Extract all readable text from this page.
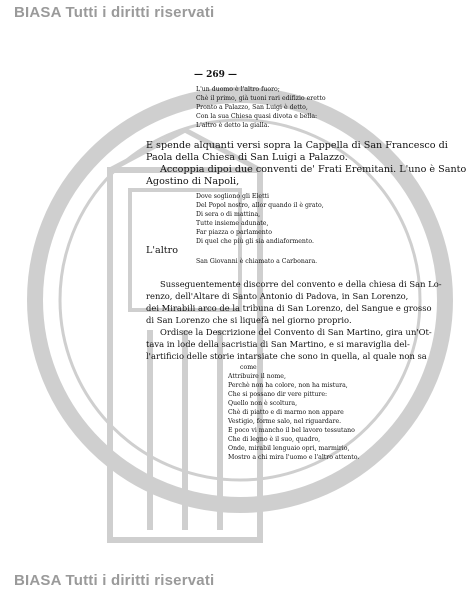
BIASA Tutti i diritti riservati
— 269 —
L'un duomo è l'altro fuoro;
Chè il primo, già tuoni rari edifizio eretto
Pronto a Palazzo, San Luigi è detto,
Con la sua Chiesa quasi divota e bella:
L'altro è detto la gialla.
E spende alquanti versi sopra la Cappella di San Francesco di
Paola della Chiesa di San Luigi a Palazzo.
Accoppia dipoi due conventi de' Frati Eremitani. L'uno è Santo
Agostino di Napoli,
Dove sogliono gli Eletti
Del Popol nostro, allor quando il è grato,
Di sera o di mattina,
Tutte insieme adunate,
Far piazza o parlamento
Di quel che più gli sia andiaformento.
L'altro
San Giovanni è chiamato a Carbonara.
Susseguentemente discorre del convento e della chiesa di San Lo-
renzo, dell'Altare di Santo Antonio di Padova, in San Lorenzo,
dei Mirabili arco de la tribuna di San Lorenzo, del Sangue e grosso
di San Lorenzo che si liquefà nel giorno proprio.
Ordisce la Descrizione del Convento di San Martino, gira un'Ot-
tava in lode della sacristia di San Martino, e si maraviglia del-
l'artificio delle storie intarsiate che sono in quella, al quale non sa
come
Attribuire il nome,
Perchè non ha colore, non ha mistura,
Che si possano dir vere pitture:
Quello non è scoltura,
Chè di piatto e di marmo non appare
Vestigio, forme salo, nel riguardare.
E poco vi mancho il bel lavoro tessutano
Che di legno è il suo, quadro,
Onde, mirabil lenguaio opri, marmirio,
Mostro a chi mira l'uomo e l'altro attento.
BIASA Tutti i diritti riservati
